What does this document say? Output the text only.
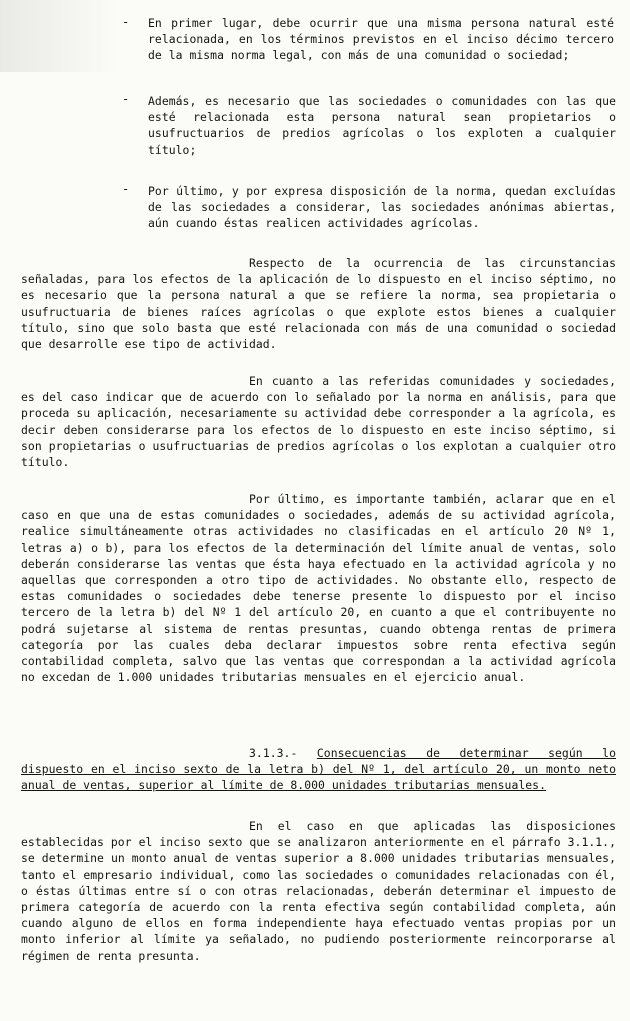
- En primer lugar, debe ocurrir que una misma persona natural esté relacionada, en los términos previstos en el inciso décimo tercero de la misma norma legal, con más de una comunidad o sociedad;

- Además, es necesario que las sociedades o comunidades con las que esté relacionada esta persona natural sean propietarios o usufructuarios de predios agrícolas o los exploten a cualquier título;

- Por último, y por expresa disposición de la norma, quedan excluídas de las sociedades a considerar, las sociedades anónimas abiertas, aún cuando éstas realicen actividades agrícolas.

Respecto de la ocurrencia de las circunstancias señaladas, para los efectos de la aplicación de lo dispuesto en el inciso séptimo, no es necesario que la persona natural a que se refiere la norma, sea propietaria o usufructuaria de bienes raíces agrícolas o que explote estos bienes a cualquier título, sino que solo basta que esté relacionada con más de una comunidad o sociedad que desarrolle ese tipo de actividad.

En cuanto a las referidas comunidades y sociedades, es del caso indicar que de acuerdo con lo señalado por la norma en análisis, para que proceda su aplicación, necesariamente su actividad debe corresponder a la agrícola, es decir deben considerarse para los efectos de lo dispuesto en este inciso séptimo, si son propietarias o usufructuarias de predios agrícolas o los explotan a cualquier otro título.

Por último, es importante también, aclarar que en el caso en que una de estas comunidades o sociedades, además de su actividad agrícola, realice simultáneamente otras actividades no clasificadas en el artículo 20 Nº 1, letras a) o b), para los efectos de la determinación del límite anual de ventas, solo deberán considerarse las ventas que ésta haya efectuado en la actividad agrícola y no aquellas que corresponden a otro tipo de actividades. No obstante ello, respecto de estas comunidades o sociedades debe tenerse presente lo dispuesto por el inciso tercero de la letra b) del Nº 1 del artículo 20, en cuanto a que el contribuyente no podrá sujetarse al sistema de rentas presuntas, cuando obtenga rentas de primera categoría por las cuales deba declarar impuestos sobre renta efectiva según contabilidad completa, salvo que las ventas que correspondan a la actividad agrícola no excedan de 1.000 unidades tributarias mensuales en el ejercicio anual.

3.1.3.- Consecuencias de determinar según lo dispuesto en el inciso sexto de la letra b) del Nº 1, del artículo 20, un monto neto anual de ventas, superior al límite de 8.000 unidades tributarias mensuales.

En el caso en que aplicadas las disposiciones establecidas por el inciso sexto que se analizaron anteriormente en el párrafo 3.1.1., se determine un monto anual de ventas superior a 8.000 unidades tributarias mensuales, tanto el empresario individual, como las sociedades o comunidades relacionadas con él, o éstas últimas entre sí o con otras relacionadas, deberán determinar el impuesto de primera categoría de acuerdo con la renta efectiva según contabilidad completa, aún cuando alguno de ellos en forma independiente haya efectuado ventas propias por un monto inferior al límite ya señalado, no pudiendo posteriormente reincorporarse al régimen de renta presunta.
